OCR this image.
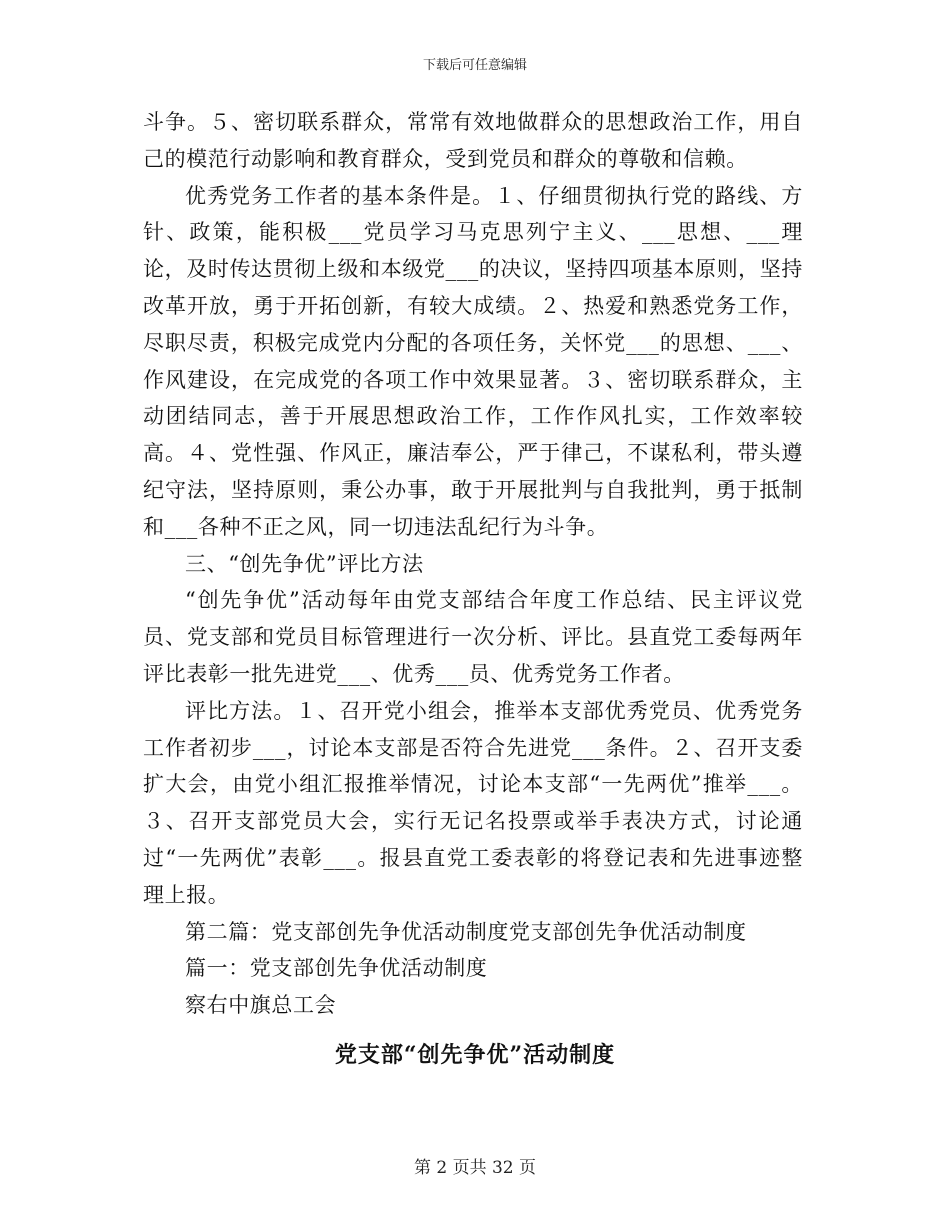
下载后可任意编辑

斗争。５、密切联系群众，常常有效地做群众的思想政治工作，用自己的模范行动影响和教育群众，受到党员和群众的尊敬和信赖。

优秀党务工作者的基本条件是。１、仔细贯彻执行党的路线、方针、政策，能积极___党员学习马克思列宁主义、___思想、___理论，及时传达贯彻上级和本级党___的决议，坚持四项基本原则，坚持改革开放，勇于开拓创新，有较大成绩。２、热爱和熟悉党务工作，尽职尽责，积极完成党内分配的各项任务，关怀党___的思想、___、作风建设，在完成党的各项工作中效果显著。３、密切联系群众，主动团结同志，善于开展思想政治工作，工作作风扎实，工作效率较高。４、党性强、作风正，廉洁奉公，严于律己，不谋私利，带头遵纪守法，坚持原则，秉公办事，敢于开展批判与自我批判，勇于抵制和___各种不正之风，同一切违法乱纪行为斗争。

三、“创先争优”评比方法

“创先争优”活动每年由党支部结合年度工作总结、民主评议党员、党支部和党员目标管理进行一次分析、评比。县直党工委每两年评比表彰一批先进党___、优秀___员、优秀党务工作者。

评比方法。１、召开党小组会，推举本支部优秀党员、优秀党务工作者初步___，讨论本支部是否符合先进党___条件。２、召开支委扩大会，由党小组汇报推举情况，讨论本支部“一先两优”推举___。３、召开支部党员大会，实行无记名投票或举手表决方式，讨论通过“一先两优”表彰___。报县直党工委表彰的将登记表和先进事迹整理上报。

第二篇：党支部创先争优活动制度党支部创先争优活动制度

篇一：党支部创先争优活动制度

察右中旗总工会

党支部“创先争优”活动制度
第 2 页共 32 页
